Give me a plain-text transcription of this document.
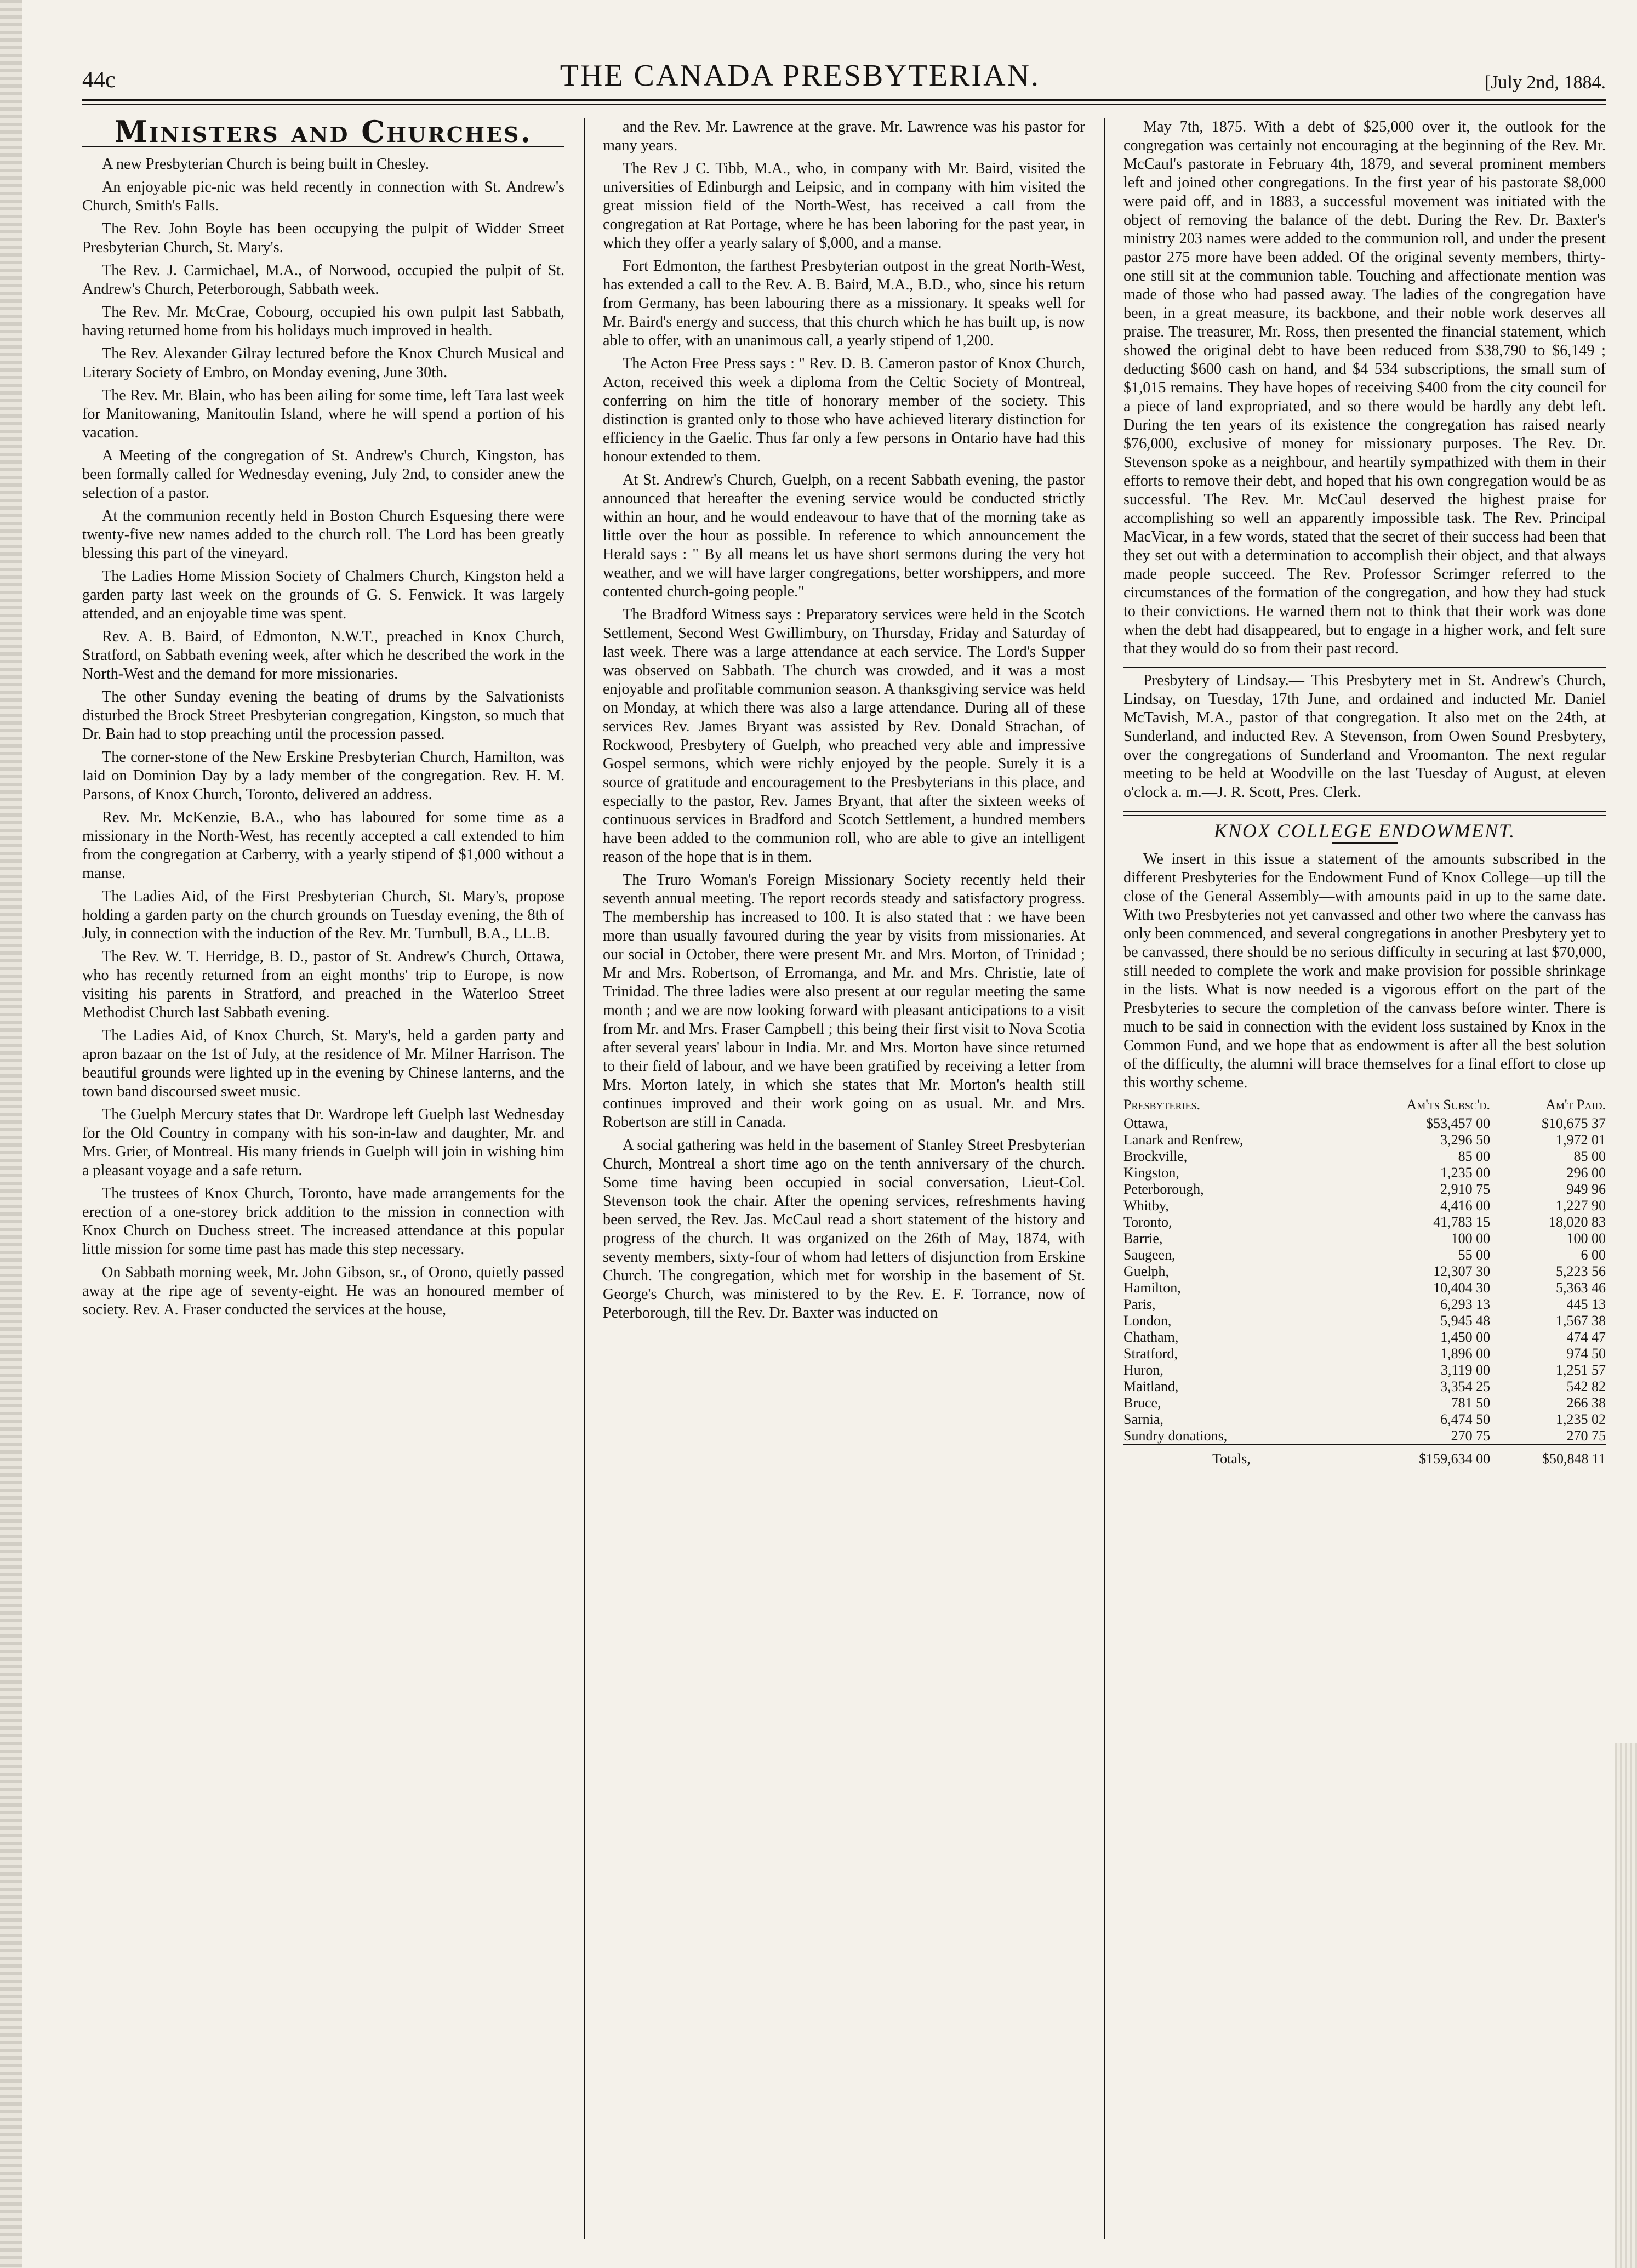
44c	THE CANADA PRESBYTERIAN.	[July 2nd, 1884.
Ministers and Churches.

A new Presbyterian Church is being built in Chesley.

An enjoyable pic-nic was held recently in connection with St. Andrew's Church, Smith's Falls.

The Rev. John Boyle has been occupying the pulpit of Widder Street Presbyterian Church, St. Mary's.

The Rev. J. Carmichael, M.A., of Norwood, occupied the pulpit of St. Andrew's Church, Peterborough, Sabbath week.

The Rev. Mr. McCrae, Cobourg, occupied his own pulpit last Sabbath, having returned home from his holidays much improved in health.

The Rev. Alexander Gilray lectured before the Knox Church Musical and Literary Society of Embro, on Monday evening, June 30th.

The Rev. Mr. Blain, who has been ailing for some time, left Tara last week for Manitowaning, Manitoulin Island, where he will spend a portion of his vacation.

A Meeting of the congregation of St. Andrew's Church, Kingston, has been formally called for Wednesday evening, July 2nd, to consider anew the selection of a pastor.

At the communion recently held in Boston Church Esquesing there were twenty-five new names added to the church roll. The Lord has been greatly blessing this part of the vineyard.

The Ladies Home Mission Society of Chalmers Church, Kingston held a garden party last week on the grounds of G. S. Fenwick. It was largely attended, and an enjoyable time was spent.

Rev. A. B. Baird, of Edmonton, N.W.T., preached in Knox Church, Stratford, on Sabbath evening week, after which he described the work in the North-West and the demand for more missionaries.

The other Sunday evening the beating of drums by the Salvationists disturbed the Brock Street Presbyterian congregation, Kingston, so much that Dr. Bain had to stop preaching until the procession passed.

The corner-stone of the New Erskine Presbyterian Church, Hamilton, was laid on Dominion Day by a lady member of the congregation. Rev. H. M. Parsons, of Knox Church, Toronto, delivered an address.

Rev. Mr. McKenzie, B.A., who has laboured for some time as a missionary in the North-West, has recently accepted a call extended to him from the congregation at Carberry, with a yearly stipend of $1,000 without a manse.

The Ladies Aid, of the First Presbyterian Church, St. Mary's, propose holding a garden party on the church grounds on Tuesday evening, the 8th of July, in connection with the induction of the Rev. Mr. Turnbull, B.A., LL.B.

The Rev. W. T. Herridge, B. D., pastor of St. Andrew's Church, Ottawa, who has recently returned from an eight months' trip to Europe, is now visiting his parents in Stratford, and preached in the Waterloo Street Methodist Church last Sabbath evening.

The Ladies Aid, of Knox Church, St. Mary's, held a garden party and apron bazaar on the 1st of July, at the residence of Mr. Milner Harrison. The beautiful grounds were lighted up in the evening by Chinese lanterns, and the town band discoursed sweet music.

The Guelph Mercury states that Dr. Wardrope left Guelph last Wednesday for the Old Country in company with his son-in-law and daughter, Mr. and Mrs. Grier, of Montreal. His many friends in Guelph will join in wishing him a pleasant voyage and a safe return.

The trustees of Knox Church, Toronto, have made arrangements for the erection of a one-storey brick addition to the mission in connection with Knox Church on Duchess street. The increased attendance at this popular little mission for some time past has made this step necessary.

On Sabbath morning week, Mr. John Gibson, sr., of Orono, quietly passed away at the ripe age of seventy-eight. He was an honoured member of society. Rev. A. Fraser conducted the services at the house,

and the Rev. Mr. Lawrence at the grave. Mr. Lawrence was his pastor for many years.

The Rev J C. Tibb, M.A., who, in company with Mr. Baird, visited the universities of Edinburgh and Leipsic, and in company with him visited the great mission field of the North-West, has received a call from the congregation at Rat Portage, where he has been laboring for the past year, in which they offer a yearly salary of $,000, and a manse.

Fort Edmonton, the farthest Presbyterian outpost in the great North-West, has extended a call to the Rev. A. B. Baird, M.A., B.D., who, since his return from Germany, has been labouring there as a missionary. It speaks well for Mr. Baird's energy and success, that this church which he has built up, is now able to offer, with an unanimous call, a yearly stipend of 1,200.

The Acton Free Press says : " Rev. D. B. Cameron pastor of Knox Church, Acton, received this week a diploma from the Celtic Society of Montreal, conferring on him the title of honorary member of the society. This distinction is granted only to those who have achieved literary distinction for efficiency in the Gaelic. Thus far only a few persons in Ontario have had this honour extended to them.

At St. Andrew's Church, Guelph, on a recent Sabbath evening, the pastor announced that hereafter the evening service would be conducted strictly within an hour, and he would endeavour to have that of the morning take as little over the hour as possible. In reference to which announcement the Herald says : " By all means let us have short sermons during the very hot weather, and we will have larger congregations, better worshippers, and more contented church-going people."

The Bradford Witness says : Preparatory services were held in the Scotch Settlement, Second West Gwillimbury, on Thursday, Friday and Saturday of last week. There was a large attendance at each service. The Lord's Supper was observed on Sabbath. The church was crowded, and it was a most enjoyable and profitable communion season. A thanksgiving service was held on Monday, at which there was also a large attendance. During all of these services Rev. James Bryant was assisted by Rev. Donald Strachan, of Rockwood, Presbytery of Guelph, who preached very able and impressive Gospel sermons, which were richly enjoyed by the people. Surely it is a source of gratitude and encouragement to the Presbyterians in this place, and especially to the pastor, Rev. James Bryant, that after the sixteen weeks of continuous services in Bradford and Scotch Settlement, a hundred members have been added to the communion roll, who are able to give an intelligent reason of the hope that is in them.

The Truro Woman's Foreign Missionary Society recently held their seventh annual meeting. The report records steady and satisfactory progress. The membership has increased to 100. It is also stated that : we have been more than usually favoured during the year by visits from missionaries. At our social in October, there were present Mr. and Mrs. Morton, of Trinidad ; Mr and Mrs. Robertson, of Erromanga, and Mr. and Mrs. Christie, late of Trinidad. The three ladies were also present at our regular meeting the same month ; and we are now looking forward with pleasant anticipations to a visit from Mr. and Mrs. Fraser Campbell ; this being their first visit to Nova Scotia after several years' labour in India. Mr. and Mrs. Morton have since returned to their field of labour, and we have been gratified by receiving a letter from Mrs. Morton lately, in which she states that Mr. Morton's health still continues improved and their work going on as usual. Mr. and Mrs. Robertson are still in Canada.

A social gathering was held in the basement of Stanley Street Presbyterian Church, Montreal a short time ago on the tenth anniversary of the church. Some time having been occupied in social conversation, Lieut-Col. Stevenson took the chair. After the opening services, refreshments having been served, the Rev. Jas. McCaul read a short statement of the history and progress of the church. It was organized on the 26th of May, 1874, with seventy members, sixty-four of whom had letters of disjunction from Erskine Church. The congregation, which met for worship in the basement of St. George's Church, was ministered to by the Rev. E. F. Torrance, now of Peterborough, till the Rev. Dr. Baxter was inducted on

May 7th, 1875. With a debt of $25,000 over it, the outlook for the congregation was certainly not encouraging at the beginning of the Rev. Mr. McCaul's pastorate in February 4th, 1879, and several prominent members left and joined other congregations. In the first year of his pastorate $8,000 were paid off, and in 1883, a successful movement was initiated with the object of removing the balance of the debt. During the Rev. Dr. Baxter's ministry 203 names were added to the communion roll, and under the present pastor 275 more have been added. Of the original seventy members, thirty-one still sit at the communion table. Touching and affectionate mention was made of those who had passed away. The ladies of the congregation have been, in a great measure, its backbone, and their noble work deserves all praise. The treasurer, Mr. Ross, then presented the financial statement, which showed the original debt to have been reduced from $38,790 to $6,149 ; deducting $600 cash on hand, and $4 534 subscriptions, the small sum of $1,015 remains. They have hopes of receiving $400 from the city council for a piece of land expropriated, and so there would be hardly any debt left. During the ten years of its existence the congregation has raised nearly $76,000, exclusive of money for missionary purposes. The Rev. Dr. Stevenson spoke as a neighbour, and heartily sympathized with them in their efforts to remove their debt, and hoped that his own congregation would be as successful. The Rev. Mr. McCaul deserved the highest praise for accomplishing so well an apparently impossible task. The Rev. Principal MacVicar, in a few words, stated that the secret of their success had been that they set out with a determination to accomplish their object, and that always made people succeed. The Rev. Professor Scrimger referred to the circumstances of the formation of the congregation, and how they had stuck to their convictions. He warned them not to think that their work was done when the debt had disappeared, but to engage in a higher work, and felt sure that they would do so from their past record.

Presbytery of Lindsay.— This Presbytery met in St. Andrew's Church, Lindsay, on Tuesday, 17th June, and ordained and inducted Mr. Daniel McTavish, M.A., pastor of that congregation. It also met on the 24th, at Sunderland, and inducted Rev. A Stevenson, from Owen Sound Presbytery, over the congregations of Sunderland and Vroomanton. The next regular meeting to be held at Woodville on the last Tuesday of August, at eleven o'clock a. m.—J. R. Scott, Pres. Clerk.

KNOX COLLEGE ENDOWMENT.

We insert in this issue a statement of the amounts subscribed in the different Presbyteries for the Endowment Fund of Knox College—up till the close of the General Assembly—with amounts paid in up to the same date. With two Presbyteries not yet canvassed and other two where the canvass has only been commenced, and several congregations in another Presbytery yet to be canvassed, there should be no serious difficulty in securing at last $70,000, still needed to complete the work and make provision for possible shrinkage in the lists. What is now needed is a vigorous effort on the part of the Presbyteries to secure the completion of the canvass before winter. There is much to be said in connection with the evident loss sustained by Knox in the Common Fund, and we hope that as endowment is after all the best solution of the difficulty, the alumni will brace themselves for a final effort to close up this worthy scheme.

Presbyteries.	Am'ts Subsc'd.	Am't Paid.
Ottawa,	$53,457 00	$10,675 37
Lanark and Renfrew,	3,296 50	1,972 01
Brockville,	85 00	85 00
Kingston,	1,235 00	296 00
Peterborough,	2,910 75	949 96
Whitby,	4,416 00	1,227 90
Toronto,	41,783 15	18,020 83
Barrie,	100 00	100 00
Saugeen,	55 00	6 00
Guelph,	12,307 30	5,223 56
Hamilton,	10,404 30	5,363 46
Paris,	6,293 13	445 13
London,	5,945 48	1,567 38
Chatham,	1,450 00	474 47
Stratford,	1,896 00	974 50
Huron,	3,119 00	1,251 57
Maitland,	3,354 25	542 82
Bruce,	781 50	266 38
Sarnia,	6,474 50	1,235 02
Sundry donations,	270 75	270 75
Totals,	$159,634 00	$50,848 11
